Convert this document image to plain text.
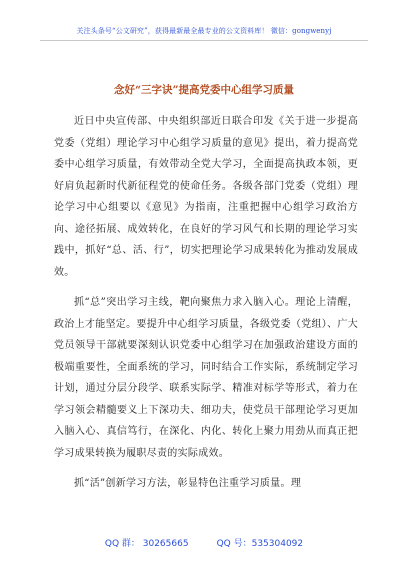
关注头条号“公文研究”，获得最新最全最专业的公文资料库！ 微信：gongwenyj
念好“三字诀”提高党委中心组学习质量

近日中央宣传部、中央组织部近日联合印发《关于进一步提高党委（党组）理论学习中心组学习质量的意见》提出，着力提高党委中心组学习质量，有效带动全党大学习，全面提高执政本领，更好肩负起新时代新征程党的使命任务。各级各部门党委（党组）理论学习中心组要以《意见》为指南，注重把握中心组学习政治方向、途径拓展、成效转化，在良好的学习风气和长期的理论学习实践中，抓好“总、活、行”，切实把理论学习成果转化为推动发展成效。

抓“总”突出学习主线，靶向聚焦力求入脑入心。理论上清醒，政治上才能坚定。要提升中心组学习质量，各级党委（党组）、广大党员领导干部就要深刻认识党委中心组学习在加强政治建设方面的极端重要性，全面系统的学习，同时结合工作实际，系统制定学习计划，通过分层分段学、联系实际学、精准对标学等形式，着力在学习领会精髓要义上下深功夫、细功夫，使党员干部理论学习更加入脑入心、真信笃行，在深化、内化、转化上聚力用劲从而真正把学习成果转换为履职尽责的实际成效。

抓“活”创新学习方法，彰显特色注重学习质量。理

QQ 群： 30265665	QQ 号：535304092
